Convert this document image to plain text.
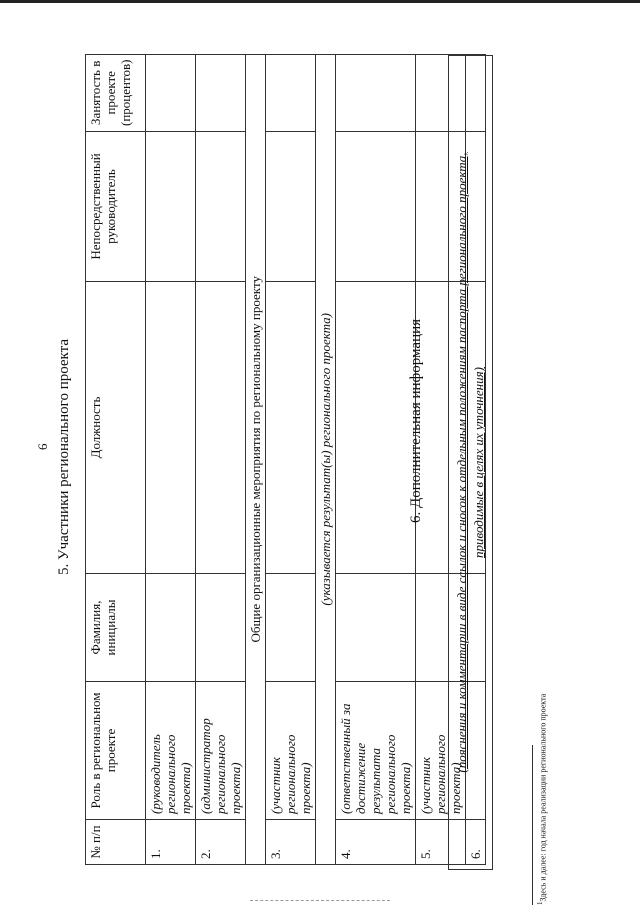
6 5. Участники регионального проекта
№ п/п	Роль в региональном проекте	Фамилия, инициалы	Должность	Непосредственный руководитель	Занятость в проекте (процентов)
1.	(руководитель регионального проекта)				
2.	(администратор регионального проекта)				
Общие организационные мероприятия по региональному проекту					
3.	(участник регионального проекта)				
(указывается результат(ы) регионального проекта)					
4.	(ответственный за достижение результата регионального проекта)				
5.	(участник регионального проекта)				
6.					
6. Дополнительная информация	(пояснения и комментарии в виде ссылок и сносок к отдельным положениям паспорта регионального проекта, приводимые в целях их уточнения)
$^1$Здесь и далее: год начала реализации регионального проекта
